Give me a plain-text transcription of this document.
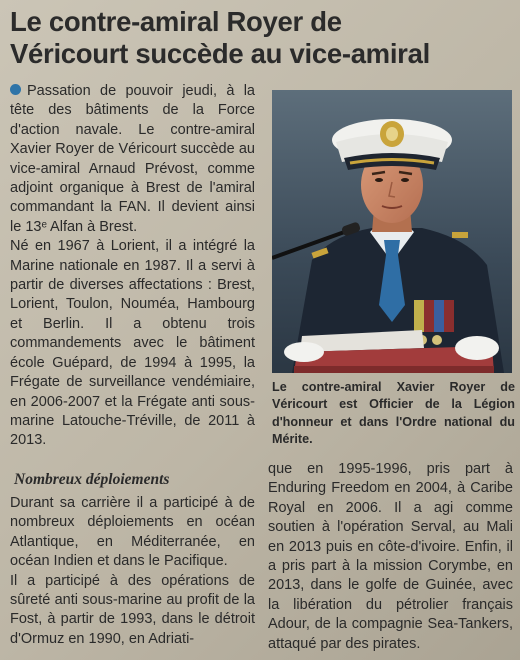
Le contre-amiral Royer de
Véricourt succède au vice-amiral

Passation de pouvoir jeudi, à la tête des bâtiments de la Force d'action navale. Le contre-amiral Xavier Royer de Véricourt succède au vice-amiral Arnaud Prévost, comme adjoint organique à Brest de l'amiral commandant la FAN. Il devient ainsi le 13ᵉ Alfan à Brest.

Né en 1967 à Lorient, il a intégré la Marine nationale en 1987. Il a servi à partir de diverses affectations : Brest, Lorient, Toulon, Nouméa, Hambourg et Berlin. Il a obtenu trois commandements avec le bâtiment école Guépard, de 1994 à 1995, la Frégate de surveillance vendémiaire, en 2006-2007 et la Frégate anti sous-marine Latouche-Tréville, de 2011 à 2013.

Le contre-amiral Xavier Royer de Véricourt est Officier de la Légion d'honneur et dans l'Ordre national du Mérite.

Nombreux déploiements

Durant sa carrière il a participé à de nombreux déploiements en océan Atlantique, en Méditerranée, en océan Indien et dans le Pacifique.

Il a participé à des opérations de sûreté anti sous-marine au profit de la Fost, à partir de 1993, dans le détroit d'Ormuz en 1990, en Adriati-

que en 1995-1996, pris part à Enduring Freedom en 2004, à Caribe Royal en 2006. Il a agi comme soutien à l'opération Serval, au Mali en 2013 puis en côte-d'ivoire. Enfin, il a pris part à la mission Corymbe, en 2013, dans le golfe de Guinée, avec la libération du pétrolier français Adour, de la compagnie Sea-Tankers, attaqué par des pirates.
